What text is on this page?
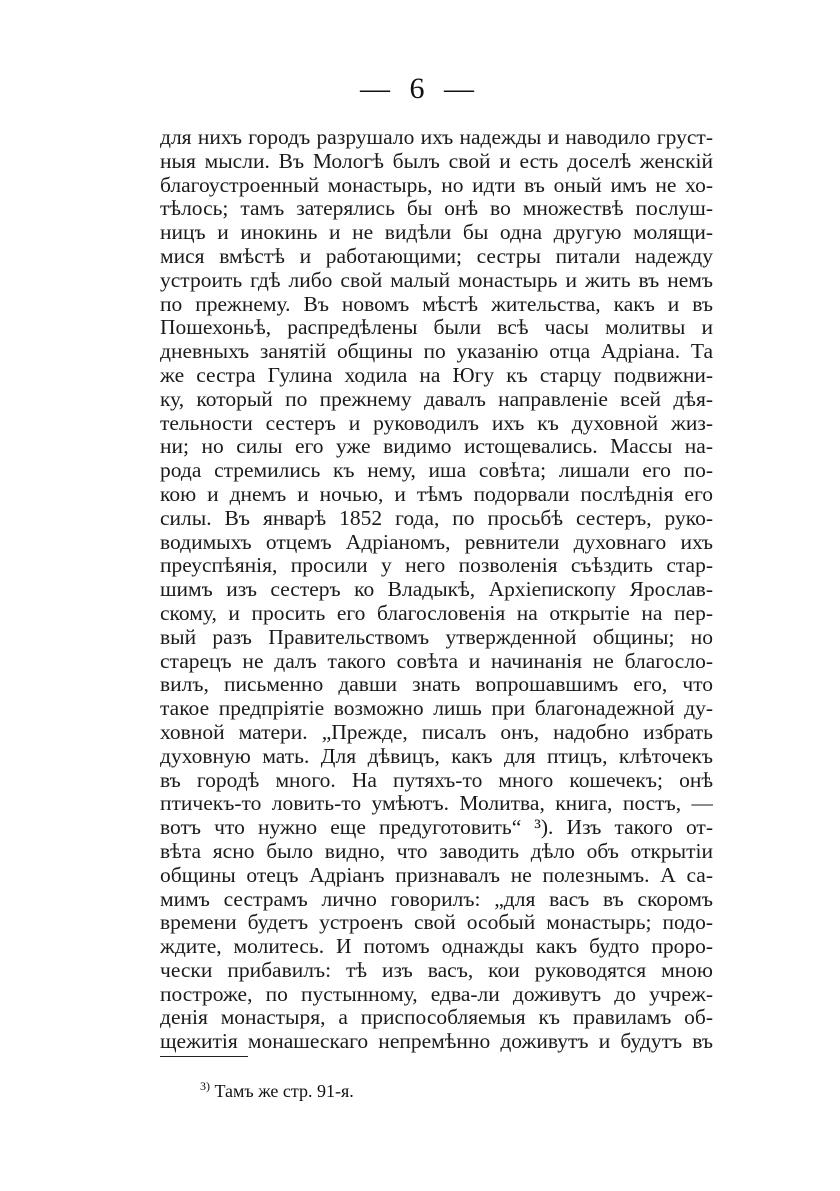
— 6 —
для нихъ городъ разрушало ихъ надежды и наводило груст-
ныя мысли. Въ Мологѣ былъ свой и есть доселѣ женскій
благоустроенный монастырь, но идти въ оный имъ не хо-
тѣлось; тамъ затерялись бы онѣ во множествѣ послуш-
ницъ и инокинь и не видѣли бы одна другую молящи-
мися вмѣстѣ и работающими; сестры питали надежду
устроить гдѣ либо свой малый монастырь и жить въ немъ
по прежнему. Въ новомъ мѣстѣ жительства, какъ и въ
Пошехоньѣ, распредѣлены были всѣ часы молитвы и
дневныхъ занятій общины по указанію отца Адріана. Та
же сестра Гулина ходила на Югу къ старцу подвижни-
ку, который по прежнему давалъ направленіе всей дѣя-
тельности сестеръ и руководилъ ихъ къ духовной жиз-
ни; но силы его уже видимо истощевались. Массы на-
рода стремились къ нему, иша совѣта; лишали его по-
кою и днемъ и ночью, и тѣмъ подорвали послѣднія его
силы. Въ январѣ 1852 года, по просьбѣ сестеръ, руко-
водимыхъ отцемъ Адріаномъ, ревнители духовнаго ихъ
преуспѣянія, просили у него позволенія съѣздить стар-
шимъ изъ сестеръ ко Владыкѣ, Архіепископу Ярослав-
скому, и просить его благословенія на открытіе на пер-
вый разъ Правительствомъ утвержденной общины; но
старецъ не далъ такого совѣта и начинанія не благосло-
вилъ, письменно давши знать вопрошавшимъ его, что
такое предпріятіе возможно лишь при благонадежной ду-
ховной матери. „Прежде, писалъ онъ, надобно избрать
духовную мать. Для дѣвицъ, какъ для птицъ, клѣточекъ
въ городѣ много. На путяхъ-то много кошечекъ; онѣ
птичекъ-то ловить-то умѣютъ. Молитва, книга, постъ, —
вотъ что нужно еще предуготовить“ ³). Изъ такого от-
вѣта ясно было видно, что заводить дѣло объ открытіи
общины отецъ Адріанъ признавалъ не полезнымъ. А са-
мимъ сестрамъ лично говорилъ: „для васъ въ скоромъ
времени будетъ устроенъ свой особый монастырь; подо-
ждите, молитесь. И потомъ однажды какъ будто проро-
чески прибавилъ: тѣ изъ васъ, кои руководятся мною
построже, по пустынному, едва-ли доживутъ до учреж-
денія монастыря, а приспособляемыя къ правиламъ об-
щежитія монашескаго непремѣнно доживутъ и будутъ въ
$^{3)}$ Тамъ же стр. 91-я.
